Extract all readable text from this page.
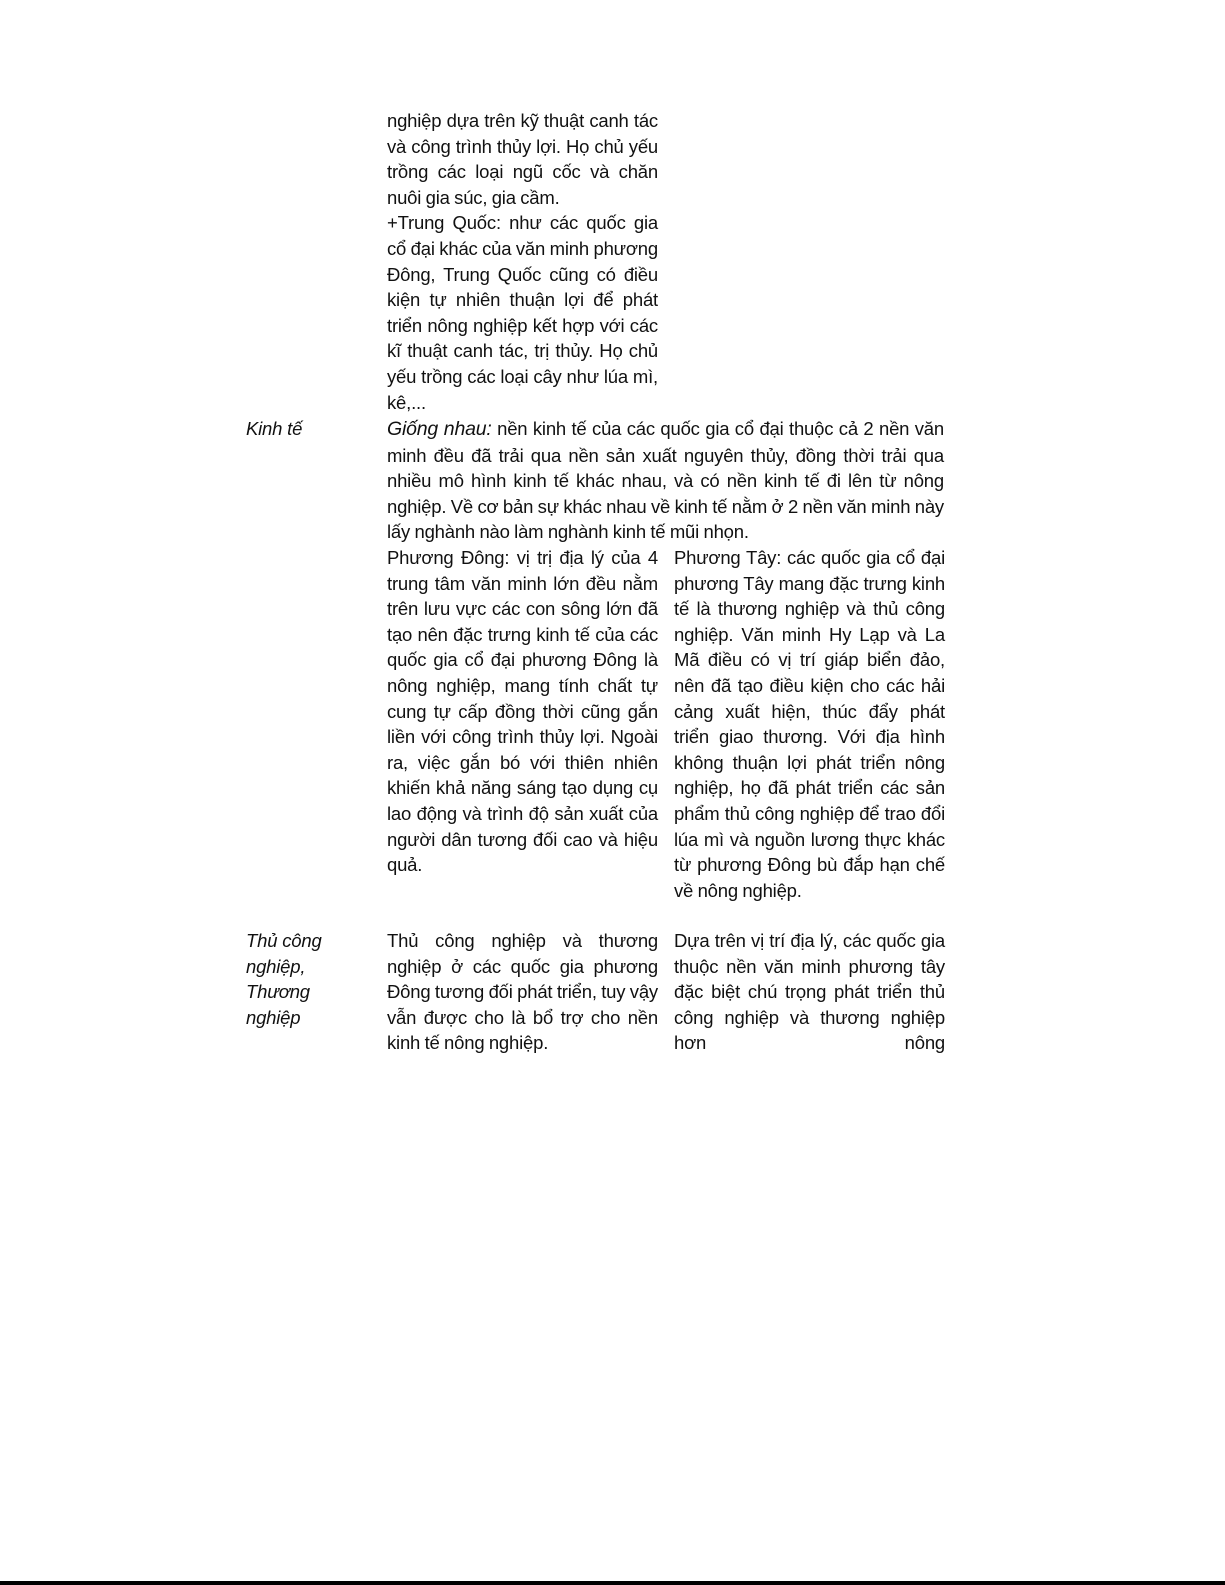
nghiệp dựa trên kỹ thuật canh tác và công trình thủy lợi. Họ chủ yếu trồng các loại ngũ cốc và chăn nuôi gia súc, gia cầm.
+Trung Quốc: như các quốc gia cổ đại khác của văn minh phương Đông, Trung Quốc cũng có điều kiện tự nhiên thuận lợi để phát triển nông nghiệp kết hợp với các kĩ thuật canh tác, trị thủy. Họ chủ yếu trồng các loại cây như lúa mì, kê,...

Kinh tế	Giống nhau: nền kinh tế của các quốc gia cổ đại thuộc cả 2 nền văn minh đều đã trải qua nền sản xuất nguyên thủy, đồng thời trải qua nhiều mô hình kinh tế khác nhau, và có nền kinh tế đi lên từ nông nghiệp. Về cơ bản sự khác nhau về kinh tế nằm ở 2 nền văn minh này lấy nghành nào làm nghành kinh tế mũi nhọn.

Phương Đông: vị trị địa lý của 4 trung tâm văn minh lớn đều nằm trên lưu vực các con sông lớn đã tạo nên đặc trưng kinh tế của các quốc gia cổ đại phương Đông là nông nghiệp, mang tính chất tự cung tự cấp đồng thời cũng gắn liền với công trình thủy lợi. Ngoài ra, việc gắn bó với thiên nhiên khiến khả năng sáng tạo dụng cụ lao động và trình độ sản xuất của người dân tương đối cao và hiệu quả.

Phương Tây: các quốc gia cổ đại phương Tây mang đặc trưng kinh tế là thương nghiệp và thủ công nghiệp. Văn minh Hy Lạp và La Mã điều có vị trí giáp biển đảo, nên đã tạo điều kiện cho các hải cảng xuất hiện, thúc đẩy phát triển giao thương. Với địa hình không thuận lợi phát triển nông nghiệp, họ đã phát triển các sản phẩm thủ công nghiệp để trao đổi lúa mì và nguồn lương thực khác từ phương Đông bù đắp hạn chế về nông nghiệp.

Thủ công
nghiệp,
Thương
nghiệp

Thủ công nghiệp và thương nghiệp ở các quốc gia phương Đông tương đối phát triển, tuy vậy vẫn được cho là bổ trợ cho nền kinh tế nông nghiệp.

Dựa trên vị trí địa lý, các quốc gia thuộc nền văn minh phương tây đặc biệt chú trọng phát triển thủ công nghiệp và thương nghiệp hơn nông
